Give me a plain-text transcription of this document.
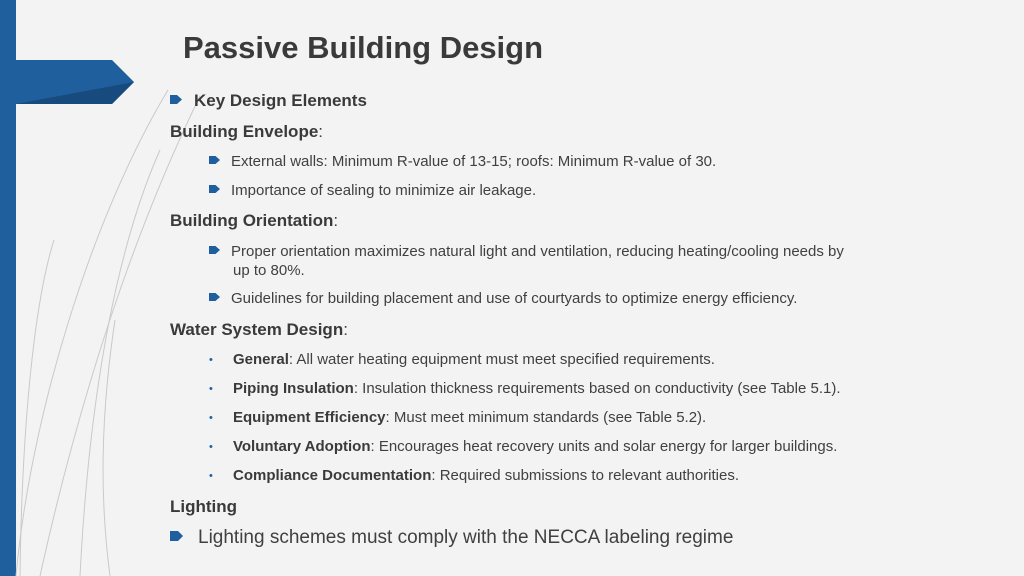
Passive Building Design
Key Design Elements
Building Envelope:
External walls: Minimum R-value of 13-15; roofs: Minimum R-value of 30.
Importance of sealing to minimize air leakage.
Building Orientation:
Proper orientation maximizes natural light and ventilation, reducing heating/cooling needs by
up to 80%.
Guidelines for building placement and use of courtyards to optimize energy efficiency.
Water System Design:
• General: All water heating equipment must meet specified requirements.
• Piping Insulation: Insulation thickness requirements based on conductivity (see Table 5.1).
• Equipment Efficiency: Must meet minimum standards (see Table 5.2).
• Voluntary Adoption: Encourages heat recovery units and solar energy for larger buildings.
• Compliance Documentation: Required submissions to relevant authorities.
Lighting
Lighting schemes must comply with the NECCA labeling regime
